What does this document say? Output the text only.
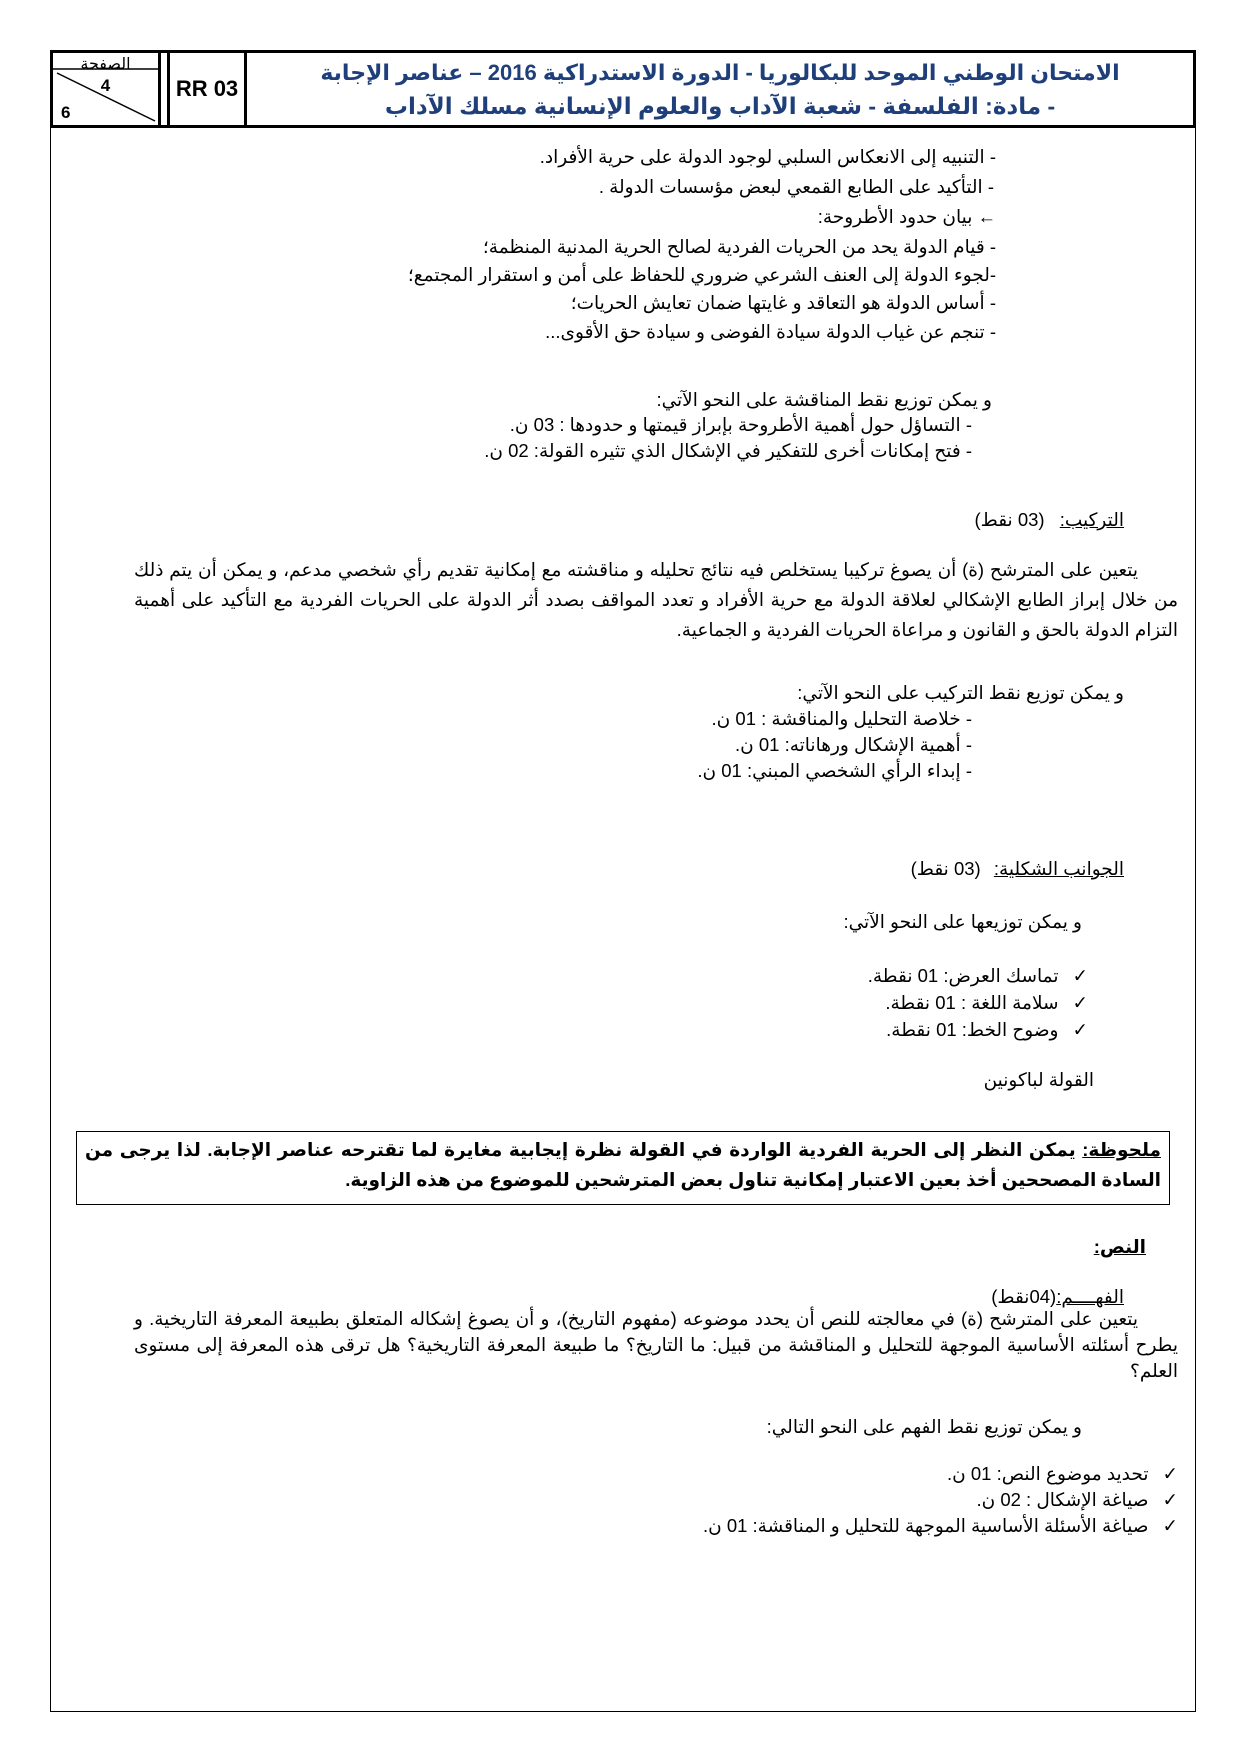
الصفحة
4
6
RR 03
الامتحان الوطني الموحد للبكالوريا - الدورة الاستدراكية 2016 – عناصر الإجابة
- مادة: الفلسفة - شعبة الآداب والعلوم الإنسانية مسلك الآداب
- التنبيه إلى الانعكاس السلبي لوجود الدولة على حرية الأفراد.
- التأكيد على الطابع القمعي لبعض مؤسسات الدولة .
← بيان حدود الأطروحة:
- قيام الدولة يحد من الحريات الفردية لصالح الحرية المدنية المنظمة؛
-لجوء الدولة إلى العنف الشرعي ضروري للحفاظ على أمن و استقرار المجتمع؛
- أساس الدولة هو التعاقد و غايتها ضمان تعايش الحريات؛
- تنجم عن غياب الدولة سيادة الفوضى و سيادة حق الأقوى...
و يمكن توزيع نقط المناقشة على النحو الآتي:
- التساؤل حول أهمية الأطروحة بإبراز قيمتها و حدودها : 03 ن.
- فتح إمكانات أخرى للتفكير في الإشكال الذي تثيره القولة: 02 ن.
التركيب: (03 نقط)
يتعين على المترشح (ة) أن يصوغ تركيبا يستخلص فيه نتائج تحليله و مناقشته مع إمكانية تقديم رأي شخصي مدعم، و يمكن أن يتم ذلك من خلال إبراز الطابع الإشكالي لعلاقة الدولة مع حرية الأفراد و تعدد المواقف بصدد أثر الدولة على الحريات الفردية مع التأكيد على أهمية التزام الدولة بالحق و القانون و مراعاة الحريات الفردية و الجماعية.
و يمكن توزيع نقط التركيب على النحو الآتي:
- خلاصة التحليل والمناقشة : 01 ن.
- أهمية الإشكال ورهاناته: 01 ن.
- إبداء الرأي الشخصي المبني: 01 ن.
الجوانب الشكلية: (03 نقط)
و يمكن توزيعها على النحو الآتي:
✓تماسك العرض: 01 نقطة.
✓سلامة اللغة : 01 نقطة.
✓وضوح الخط: 01 نقطة.
القولة لباكونين
النص:
الفهــــم:(04نقط)
يتعين على المترشح (ة) في معالجته للنص أن يحدد موضوعه (مفهوم التاريخ)، و أن يصوغ إشكاله المتعلق بطبيعة المعرفة التاريخية. و يطرح أسئلته الأساسية الموجهة للتحليل و المناقشة من قبيل: ما التاريخ؟ ما طبيعة المعرفة التاريخية؟ هل ترقى هذه المعرفة إلى مستوى العلم؟
و يمكن توزيع نقط الفهم على النحو التالي:
✓تحديد موضوع النص: 01 ن.
✓صياغة الإشكال : 02 ن.
✓صياغة الأسئلة الأساسية الموجهة للتحليل و المناقشة: 01 ن.
ملحوظة: يمكن النظر إلى الحرية الفردية الواردة في القولة نظرة إيجابية مغايرة لما تقترحه عناصر الإجابة. لذا يرجى من السادة المصححين أخذ بعين الاعتبار إمكانية تناول بعض المترشحين للموضوع من هذه الزاوية.
